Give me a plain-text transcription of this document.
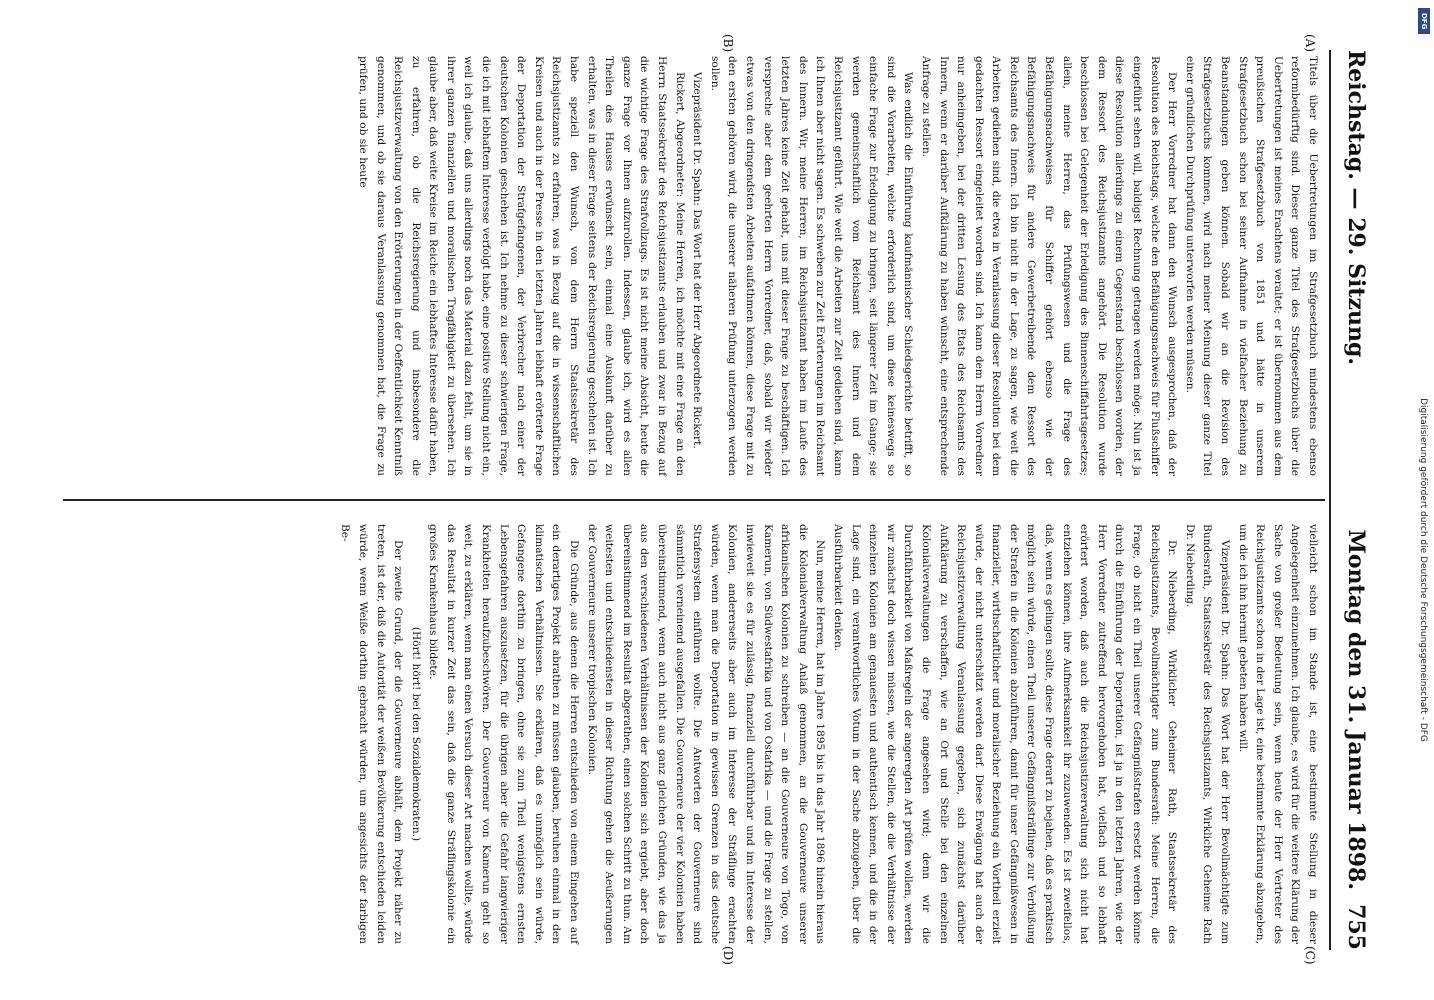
Reichstag. — 29. Sitzung.
Montag den 31. Januar 1898.
755
(A)
(B)
(C)
(D)

Titels über die Uebertretungen im Strafgesetzbuch mindestens ebenso reformbedürftig sind. Dieser ganze Titel des Strafgesetzbuchs über die Uebertretungen ist meines Erachtens veraltet; er ist übernommen aus dem preußischen Strafgesetzbuch von 1851 und hätte in unserem Strafgesetzbuch schon bei seiner Aufnahme in vielfacher Beziehung zu Beanstandungen geben können. Sobald wir an die Revision des Strafgesetzbuchs kommen, wird nach meiner Meinung dieser ganze Titel einer gründlichen Durchprüfung unterworfen werden müssen.

Der Herr Vorredner hat dann den Wunsch ausgesprochen, daß der Resolution des Reichstags, welche den Befähigungsnachweis für Flußschiffer eingeführt sehen will, baldigst Rechnung getragen werden möge. Nun ist ja diese Resolution allerdings zu einem Gegenstand beschlossen worden, der dem Ressort des Reichsjustizamts angehört. Die Resolution wurde beschlossen bei Gelegenheit der Erledigung des Binnenschiffahrtsgesetzes; allein, meine Herren, das Prüfungswesen und die Frage des Befähigungsnachweises für Schiffer gehört ebenso wie der Befähigungsnachweis für andere Gewerbetreibende dem Ressort des Reichsamts des Innern. Ich bin nicht in der Lage, zu sagen, wie weit die Arbeiten gediehen sind, die etwa in Veranlassung dieser Resolution bei dem gedachten Ressort eingeleitet worden sind. Ich kann dem Herrn Vorredner nur anheimgeben, bei der dritten Lesung des Etats des Reichsamts des Innern, wenn er darüber Aufklärung zu haben wünscht, eine entsprechende Anfrage zu stellen.

Was endlich die Einführung kaufmännischer Schiedsgerichte betrifft, so sind die Vorarbeiten, welche erforderlich sind, um diese keineswegs so einfache Frage zur Erledigung zu bringen, seit längerer Zeit im Gange; sie werden gemeinschaftlich vom Reichsamt des Innern und dem Reichsjustizamt geführt. Wie weit die Arbeiten zur Zeit gediehen sind, kann ich Ihnen aber nicht sagen. Es schweben zur Zeit Erörterungen im Reichsamt des Innern. Wir, meine Herren, im Reichsjustizamt haben im Laufe des letzten Jahres keine Zeit gehabt, uns mit dieser Frage zu beschäftigen. Ich verspreche aber dem geehrten Herrn Vorredner, daß, sobald wir wieder etwas von den dringendsten Arbeiten aufathmen können, diese Frage mit zu den ersten gehören wird, die unserer näheren Prüfung unterzogen werden sollen.

Vizepräsident Dr. Spahn: Das Wort hat der Herr Abgeordnete Rickert.

Rickert, Abgeordneter: Meine Herren, ich möchte mit eine Frage an den Herrn Staatssekretär des Reichsjustizamts erlauben und zwar in Bezug auf die wichtige Frage des Strafvollzugs. Es ist nicht meine Absicht, heute die ganze Frage vor Ihnen aufzurollen. Indessen, glaube ich, wird es allen Theilen des Hauses erwünscht sein, einmal eine Auskunft darüber zu erhalten, was in dieser Frage seitens der Reichsregierung geschehen ist. Ich habe speziell den Wunsch, von dem Herrn Staatssekretär des Reichsjustizamts zu erfahren, was in Bezug auf die in wissenschaftlichen Kreisen und auch in der Presse in den letzten Jahren lebhaft erörterte Frage der Deportation der Strafgefangenen, der Verbrecher nach einer der deutschen Kolonien geschehen ist. Ich nehme zu dieser schwierigen Frage, die ich mit lebhaftem Interesse verfolgt habe, eine positive Stellung nicht ein, weil ich glaube, daß uns allerdings noch das Material dazu fehlt, um sie in ihrer ganzen finanziellen und moralischen Tragfähigkeit zu übersehen. Ich glaube aber, daß weite Kreise im Reiche ein lebhaftes Interesse dafür haben, zu erfahren, ob die Reichsregierung und insbesondere die Reichsjustizverwaltung von den Erörterungen in der Oeffentlichkeit Kenntniß genommen, und ob sie daraus Veranlassung genommen hat, die Frage zu prüfen, und ob sie heute

vielleicht schon im Stande ist, eine bestimmte Stellung in dieser Angelegenheit einzunehmen. Ich glaube, es wird für die weitere Klärung der Sache von großer Bedeutung sein, wenn heute der Herr Vertreter des Reichsjustizamts schon in der Lage ist, eine bestimmte Erklärung abzugeben, um die ich ihn hiermit gebeten haben will.

Vizepräsident Dr. Spahn: Das Wort hat der Herr Bevollmächtigte zum Bundesrath, Staatssekretär des Reichsjustizamts, Wirkliche Geheime Rath Dr. Nieberding.

Dr. Nieberding, Wirklicher Geheimer Rath, Staatssekretär des Reichsjustizamts, Bevollmächtigter zum Bundesrath: Meine Herren, die Frage, ob nicht ein Theil unserer Gefängnißstrafen ersetzt werden könne durch die Einführung der Deportation, ist ja in den letzten Jahren, wie der Herr Vorredner zutreffend hervorgehoben hat, vielfach und so lebhaft erörtert worden, daß auch die Reichsjustizverwaltung sich nicht hat entziehen können, ihre Aufmerksamkeit ihr zuzuwenden. Es ist zweifellos, daß, wenn es gelingen sollte, diese Frage derart zu bejahen, daß es praktisch möglich sein würde, einen Theil unserer Gefängnißsträflinge zur Verbüßung der Strafen in die Kolonien abzuführen, damit für unser Gefängnißwesen in finanzieller, wirthschaftlicher und moralischer Beziehung ein Vortheil erzielt würde, der nicht unterschätzt werden darf. Diese Erwägung hat auch der Reichsjustizverwaltung Veranlassung gegeben, sich zunächst darüber Aufklärung zu verschaffen, wie an Ort und Stelle bei den einzelnen Kolonialverwaltungen die Frage angesehen wird; denn wir die Durchführbarkeit von Maßregeln der angeregten Art prüfen wollen, werden wir zunächst doch wissen müssen, wie die Stellen, die die Verhältnisse der einzelnen Kolonien am genauesten und authentisch kennen, und die in der Lage sind, ein verantwortliches Votum in der Sache abzugeben, über die Ausführbarkeit denken.

Nun, meine Herren, hat im Jahre 1895 bis in das Jahr 1896 hinein hieraus die Kolonialverwaltung Anlaß genommen, an die Gouverneure unserer afrikanischen Kolonien zu schreiben — an die Gouverneure von Togo, von Kamerun, von Südwestafrika und von Ostafrika — und die Frage zu stellen, inwieweit sie es für zulässig, finanziell durchführbar und im Interesse der Kolonien, andererseits aber auch im Interesse der Sträflinge erachten würden, wenn man die Deportation in gewissen Grenzen in das deutsche Strafensystem einführen wollte. Die Antworten der Gouverneure sind sämmtlich verneinend ausgefallen. Die Gouverneure der vier Kolonien haben übereinstimmend, wenn auch nicht aus ganz gleichen Gründen, wie das ja aus den verschiedenen Verhältnissen der Kolonien sich ergiebt, aber doch übereinstimmend im Resultat abgerathen, einen solchen Schritt zu thun. Am weitesten und entschiedensten in dieser Richtung gehen die Aeußerungen der Gouverneure unserer tropischen Kolonien.

Die Gründe, aus denen die Herren entschieden von einem Eingehen auf ein derartiges Projekt abrathen zu müssen glauben, beruhen einmal in den klimatischen Verhältnissen. Sie erklären, daß es unmöglich sein würde, Gefangene dorthin zu bringen, ohne sie zum Theil wenigstens ernsten Lebensgefahren auszusetzen, für die übrigen aber die Gefahr langwieriger Krankheiten heraufzubeschwören. Der Gouverneur von Kamerun geht so weit, zu erklären, wenn man einen Versuch dieser Art machen wollte, würde das Resultat in kurzer Zeit das sein, daß die ganze Sträflingskolonie ein großes Krankenhaus bildete.

(Hört! hört! bei den Sozialdemokraten.)

Der zweite Grund, der die Gouverneure abhält, dem Projekt näher zu treten, ist der, daß die Autorität der weißen Bevölkerung entschieden leiden würde, wenn Weiße dorthin gebracht würden, um angesichts der farbigen Be-

DFG
Digitalisierung gefördert durch die Deutsche Forschungsgemeinschaft - DFG
